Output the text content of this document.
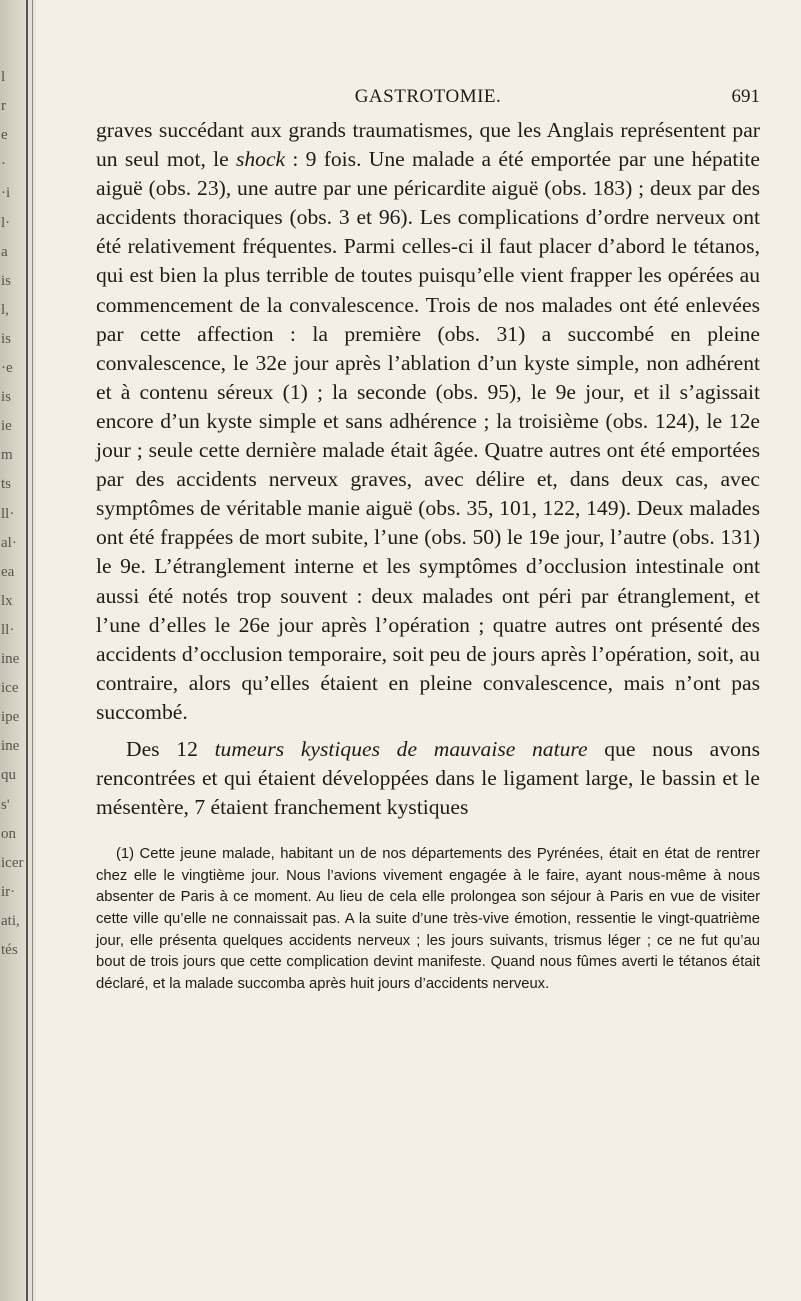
l
r
e
·
·i
l·
a
is
l,
is
·e
is
ie
m
ts
ll·
al·
ea
lx
ll·
ine
ice
ipe
ine
qu
s'
on
icer
ir·
ati,
tés
GASTROTOMIE.	691

graves succédant aux grands traumatismes, que les Anglais représentent par un seul mot, le shock : 9 fois. Une malade a été emportée par une hépatite aiguë (obs. 23), une autre par une péricardite aiguë (obs. 183) ; deux par des accidents thoraciques (obs. 3 et 96). Les complications d’ordre nerveux ont été relativement fréquentes. Parmi celles-ci il faut placer d’abord le tétanos, qui est bien la plus terrible de toutes puisqu’elle vient frapper les opérées au commencement de la convalescence. Trois de nos malades ont été enlevées par cette affection : la première (obs. 31) a succombé en pleine convalescence, le 32e jour après l’ablation d’un kyste simple, non adhérent et à contenu séreux (1) ; la seconde (obs. 95), le 9e jour, et il s’agissait encore d’un kyste simple et sans adhérence ; la troisième (obs. 124), le 12e jour ; seule cette dernière malade était âgée. Quatre autres ont été emportées par des accidents nerveux graves, avec délire et, dans deux cas, avec symptômes de véritable manie aiguë (obs. 35, 101, 122, 149). Deux malades ont été frappées de mort subite, l’une (obs. 50) le 19e jour, l’autre (obs. 131) le 9e. L’étranglement interne et les symptômes d’occlusion intestinale ont aussi été notés trop souvent : deux malades ont péri par étranglement, et l’une d’elles le 26e jour après l’opération ; quatre autres ont présenté des accidents d’occlusion temporaire, soit peu de jours après l’opération, soit, au contraire, alors qu’elles étaient en pleine convalescence, mais n’ont pas succombé.

Des 12 tumeurs kystiques de mauvaise nature que nous avons rencontrées et qui étaient développées dans le ligament large, le bassin et le mésentère, 7 étaient franchement kystiques

(1) Cette jeune malade, habitant un de nos départements des Pyrénées, était en état de rentrer chez elle le vingtième jour. Nous l’avions vivement engagée à le faire, ayant nous-même à nous absenter de Paris à ce moment. Au lieu de cela elle prolongea son séjour à Paris en vue de visiter cette ville qu’elle ne connaissait pas. A la suite d’une très-vive émotion, ressentie le vingt-quatrième jour, elle présenta quelques accidents nerveux ; les jours suivants, trismus léger ; ce ne fut qu’au bout de trois jours que cette complication devint manifeste. Quand nous fûmes averti le tétanos était déclaré, et la malade succomba après huit jours d’accidents nerveux.
